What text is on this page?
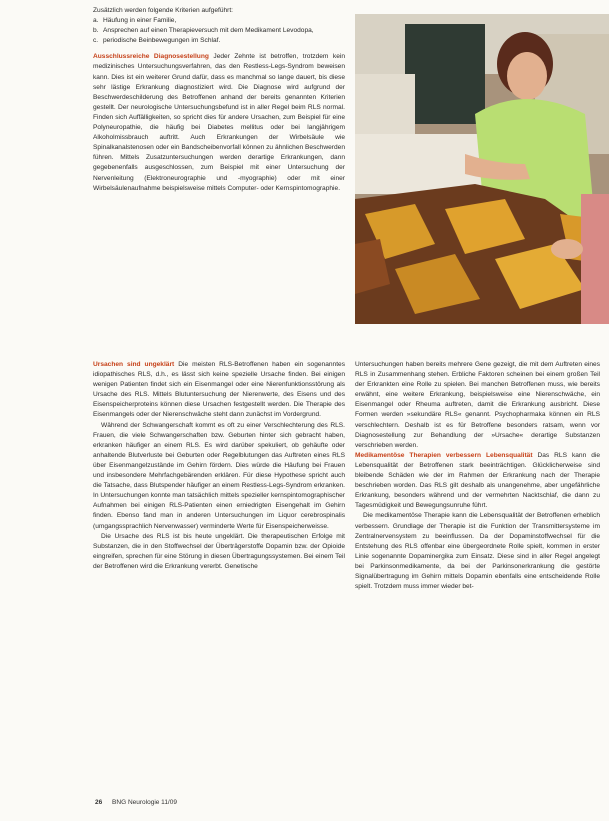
Zusätzlich werden folgende Kriterien aufgeführt:

a. Häufung in einer Familie,
b. Ansprechen auf einen Therapieversuch mit dem Medikament Levodopa,
c. periodische Beinbewegungen im Schlaf.

Ausschlussreiche Diagnosestellung Jeder Zehnte ist betroffen, trotzdem kein medizinisches Untersuchungsverfahren, das den Restless-Legs-Syndrom beweisen kann. Dies ist ein weiterer Grund dafür, dass es manchmal so lange dauert, bis diese sehr lästige Erkrankung diagnostiziert wird. Die Diagnose wird aufgrund der Beschwerdeschilderung des Betroffenen anhand der bereits genannten Kriterien gestellt. Der neurologische Untersuchungsbefund ist in aller Regel beim RLS normal. Finden sich Auffälligkeiten, so spricht dies für andere Ursachen, zum Beispiel für eine Polyneuropathie, die häufig bei Diabetes mellitus oder bei langjährigem Alkoholmissbrauch auftritt. Auch Erkrankungen der Wirbelsäule wie Spinalkanalstenosen oder ein Bandscheibenvorfall können zu ähnlichen Beschwerden führen. Mittels Zusatzuntersuchungen werden derartige Erkrankungen, dann gegebenenfalls ausgeschlossen, zum Beispiel mit einer Untersuchung der Nervenleitung (Elektroneurographie und -myographie) oder mit einer Wirbelsäulenaufnahme beispielsweise mittels Computer- oder Kernspintomographie.

Ursachen sind ungeklärt Die meisten RLS-Betroffenen haben ein sogenanntes idiopathisches RLS, d.h., es lässt sich keine spezielle Ursache finden. Bei einigen wenigen Patienten findet sich ein Eisenmangel oder eine Nierenfunktionsstörung als Ursache des RLS. Mittels Blutuntersuchung der Nierenwerte, des Eisens und des Eisenspeicherproteins können diese Ursachen festgestellt werden. Die Therapie des Eisenmangels oder der Nierenschwäche steht dann zunächst im Vordergrund.

Während der Schwangerschaft kommt es oft zu einer Verschlechterung des RLS. Frauen, die viele Schwangerschaften bzw. Geburten hinter sich gebracht haben, erkranken häufiger an einem RLS. Es wird darüber spekuliert, ob gehäufte oder anhaltende Blutverluste bei Geburten oder Regelblutungen das Auftreten eines RLS über Eisenmangelzustände im Gehirn fördern. Dies würde die Häufung bei Frauen und insbesondere Mehrfachgebärenden erklären. Für diese Hypothese spricht auch die Tatsache, dass Blutspender häufiger an einem Restless-Legs-Syndrom erkranken. In Untersuchungen konnte man tatsächlich mittels spezieller kernspintomographischer Aufnahmen bei einigen RLS-Patienten einen erniedrigten Eisengehalt im Gehirn finden. Ebenso fand man in anderen Untersuchungen im Liquor cerebrospinalis (umgangssprachlich Nervenwasser) verminderte Werte für Eisenspeicherweisse.

Die Ursache des RLS ist bis heute ungeklärt. Die therapeutischen Erfolge mit Substanzen, die in den Stoffwechsel der Überträgerstoffe Dopamin bzw. der Opioide eingreifen, sprechen für eine Störung in diesen Übertragungssystemen. Bei einem Teil der Betroffenen wird die Erkrankung vererbt. Genetische

Untersuchungen haben bereits mehrere Gene gezeigt, die mit dem Auftreten eines RLS in Zusammenhang stehen. Erbliche Faktoren scheinen bei einem großen Teil der Erkrankten eine Rolle zu spielen. Bei manchen Betroffenen muss, wie bereits erwähnt, eine weitere Erkrankung, beispielsweise eine Nierenschwäche, ein Eisenmangel oder Rheuma auftreten, damit die Erkrankung ausbricht. Diese Formen werden »sekundäre RLS« genannt. Psychopharmaka können ein RLS verschlechtern. Deshalb ist es für Betroffene besonders ratsam, wenn vor Diagnosestellung zur Behandlung der »Ursache« derartige Substanzen verschrieben werden.

Medikamentöse Therapien verbessern Lebensqualität Das RLS kann die Lebensqualität der Betroffenen stark beeinträchtigen. Glücklicherweise sind bleibende Schäden wie der im Rahmen der Erkrankung nach der Therapie beschrieben worden. Das RLS gilt deshalb als unangenehme, aber ungefährliche Erkrankung, besonders während und der vermehrten Nacktschlaf, die dann zu Tagesmüdigkeit und Bewegungsunruhe führt.

Die medikamentöse Therapie kann die Lebensqualität der Betroffenen erheblich verbessern. Grundlage der Therapie ist die Funktion der Transmittersysteme im Zentralnervensystem zu beeinflussen. Da der Dopaminstoffwechsel für die Entstehung des RLS offenbar eine übergeordnete Rolle spielt, kommen in erster Linie sogenannte Dopaminergika zum Einsatz. Diese sind in aller Regel angelegt bei Parkinsonmedikamente, da bei der Parkinsonerkrankung die gestörte Signalübertragung im Gehirn mittels Dopamin ebenfalls eine entscheidende Rolle spielt. Trotzdem muss immer wieder bet-

26 BNG Neurologie 11/09
